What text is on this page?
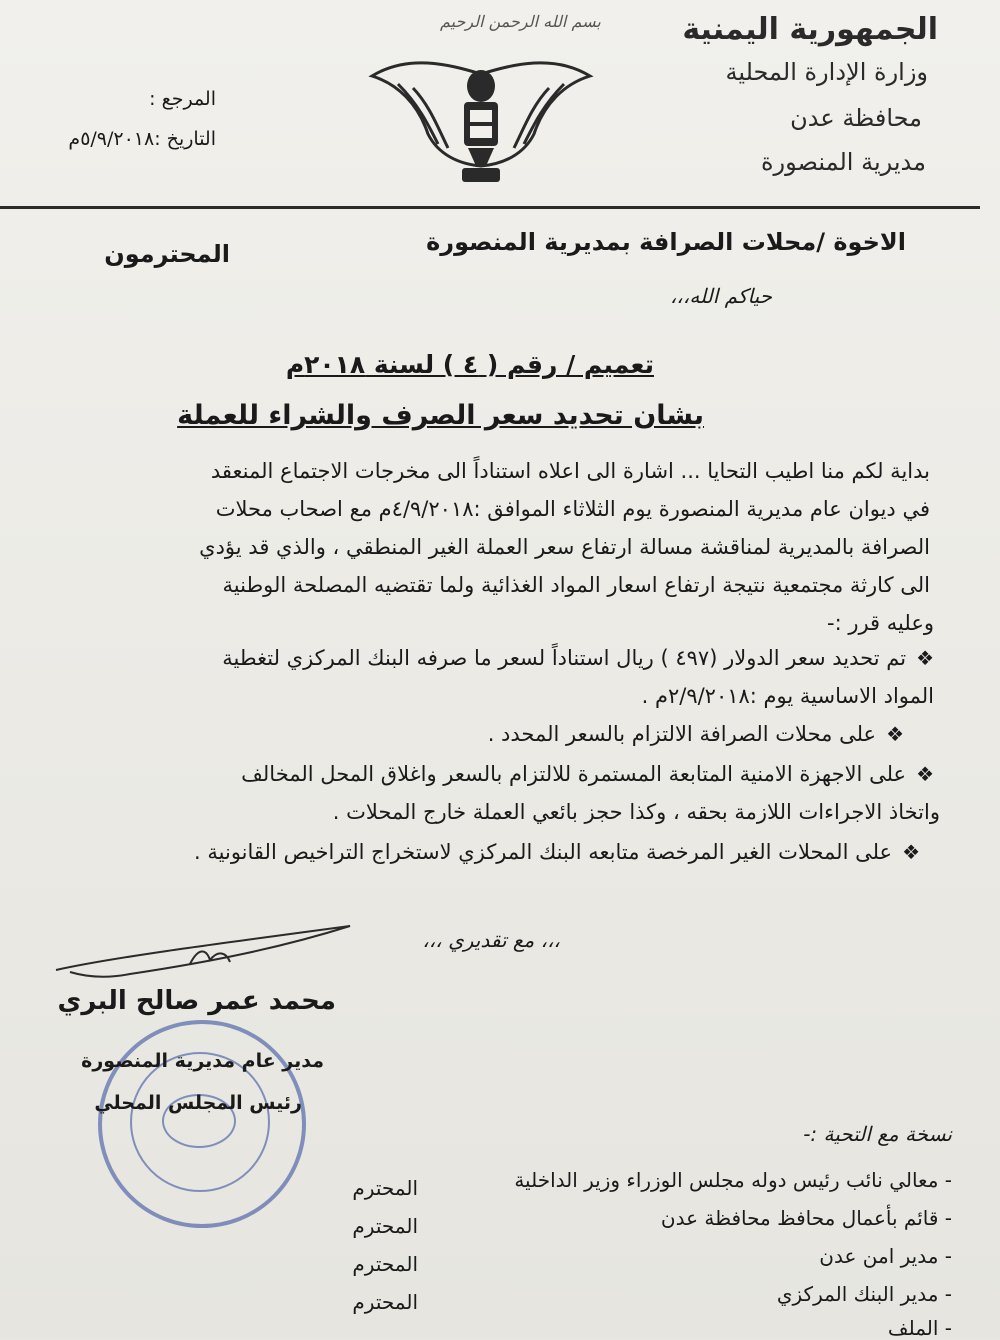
بسم الله الرحمن الرحيم	الجمهورية اليمنية
وزارة الإدارة المحلية
محافظة عدن
مديرية المنصورة
المرجع :
التاريخ :٥/٩/٢٠١٨م
الاخوة /محلات الصرافة بمديرية المنصورة
المحترمون
حياكم الله،،،
تعميم / رقم ( ٤ ) لسنة ٢٠١٨م
بشان تحديد سعر الصرف والشراء للعملة
بداية لكم منا اطيب التحايا ... اشارة الى اعلاه استناداً الى مخرجات الاجتماع المنعقد
في ديوان عام مديرية المنصورة يوم الثلاثاء الموافق :٤/٩/٢٠١٨م مع اصحاب محلات
الصرافة بالمديرية لمناقشة مسالة ارتفاع سعر العملة الغير المنطقي ، والذي قد يؤدي
الى كارثة مجتمعية نتيجة ارتفاع اسعار المواد الغذائية ولما تقتضيه المصلحة الوطنية
وعليه قرر :-
❖تم تحديد سعر الدولار (٤٩٧ ) ريال استناداً لسعر ما صرفه البنك المركزي لتغطية
المواد الاساسية يوم :٢/٩/٢٠١٨م .
❖على محلات الصرافة الالتزام بالسعر المحدد .
❖على الاجهزة الامنية المتابعة المستمرة للالتزام بالسعر واغلاق المحل المخالف
واتخاذ الاجراءات اللازمة بحقه ، وكذا حجز بائعي العملة خارج المحلات .
❖على المحلات الغير المرخصة متابعه البنك المركزي لاستخراج التراخيص القانونية .
،،، مع تقديري ،،،
محمد عمر صالح البري
مدير عام مديرية المنصورة
رئيس المجلس المحلي
نسخة مع التحية :-
- معالي نائب رئيس دوله مجلس الوزراء وزير الداخلية
المحترم
- قائم بأعمال محافظ محافظة عدن
المحترم
- مدير امن عدن
المحترم
- مدير البنك المركزي
المحترم
- الملف
